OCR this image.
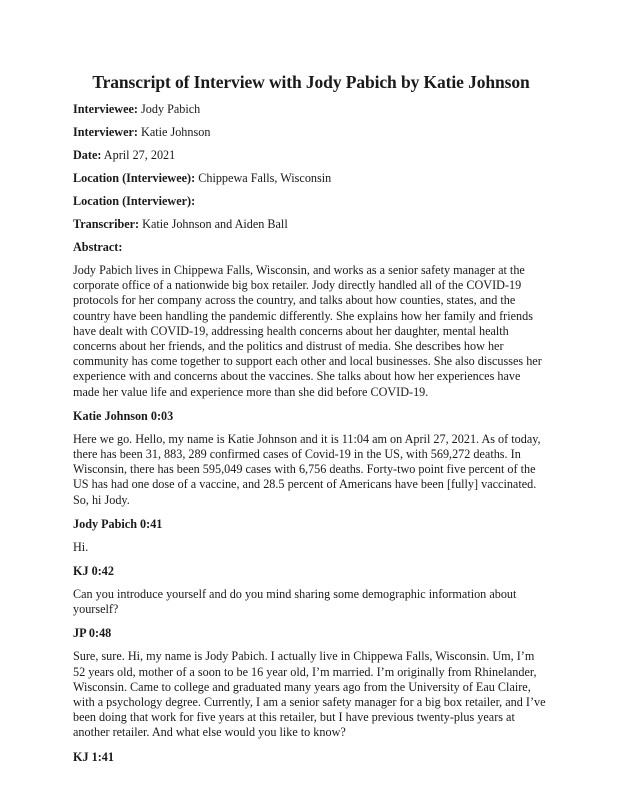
Transcript of Interview with Jody Pabich by Katie Johnson

Interviewee: Jody Pabich

Interviewer: Katie Johnson

Date: April 27, 2021

Location (Interviewee): Chippewa Falls, Wisconsin

Location (Interviewer):

Transcriber: Katie Johnson and Aiden Ball

Abstract:

Jody Pabich lives in Chippewa Falls, Wisconsin, and works as a senior safety manager at the corporate office of a nationwide big box retailer. Jody directly handled all of the COVID-19 protocols for her company across the country, and talks about how counties, states, and the country have been handling the pandemic differently. She explains how her family and friends have dealt with COVID-19, addressing health concerns about her daughter, mental health concerns about her friends, and the politics and distrust of media. She describes how her community has come together to support each other and local businesses. She also discusses her experience with and concerns about the vaccines. She talks about how her experiences have made her value life and experience more than she did before COVID-19.

Katie Johnson 0:03

Here we go. Hello, my name is Katie Johnson and it is 11:04 am on April 27, 2021. As of today, there has been 31, 883, 289 confirmed cases of Covid-19 in the US, with 569,272 deaths. In Wisconsin, there has been 595,049 cases with 6,756 deaths. Forty-two point five percent of the US has had one dose of a vaccine, and 28.5 percent of Americans have been [fully] vaccinated. So, hi Jody.

Jody Pabich 0:41

Hi.

KJ 0:42

Can you introduce yourself and do you mind sharing some demographic information about yourself?

JP 0:48

Sure, sure. Hi, my name is Jody Pabich. I actually live in Chippewa Falls, Wisconsin. Um, I’m 52 years old, mother of a soon to be 16 year old, I’m married. I’m originally from Rhinelander, Wisconsin. Came to college and graduated many years ago from the University of Eau Claire, with a psychology degree. Currently, I am a senior safety manager for a big box retailer, and I’ve been doing that work for five years at this retailer, but I have previous twenty-plus years at another retailer. And what else would you like to know?

KJ 1:41
